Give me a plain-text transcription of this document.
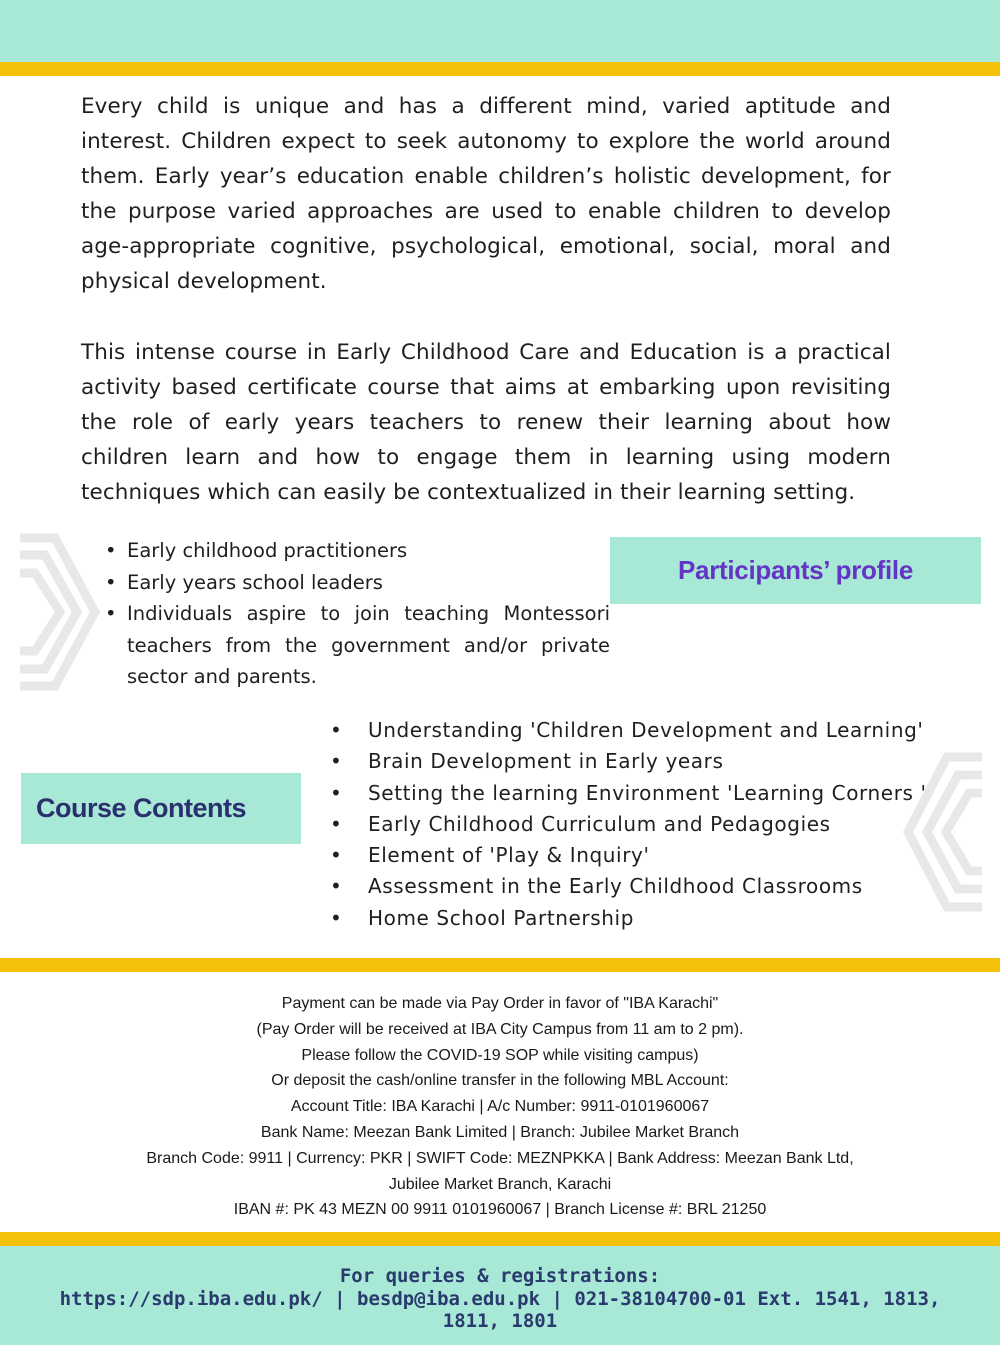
Every child is unique and has a different mind, varied aptitude and interest. Children expect to seek autonomy to explore the world around them. Early year’s education enable children’s holistic development, for the purpose varied approaches are used to enable children to develop age-appropriate cognitive, psychological, emotional, social, moral and physical development.

This intense course in Early Childhood Care and Education is a practical activity based certificate course that aims at embarking upon revisiting the role of early years teachers to renew their learning about how children learn and how to engage them in learning using modern techniques which can easily be contextualized in their learning setting.

• Early childhood practitioners
• Early years school leaders
• Individuals aspire to join teaching Montessori teachers from the government and/or private sector and parents.
Participants’ profile
Course Contents
• Understanding 'Children Development and Learning'
• Brain Development in Early years
• Setting the learning Environment 'Learning Corners '
• Early Childhood Curriculum and Pedagogies
• Element of 'Play & Inquiry'
• Assessment in the Early Childhood Classrooms
• Home School Partnership
Payment can be made via Pay Order in favor of "IBA Karachi"
(Pay Order will be received at IBA City Campus from 11 am to 2 pm).
Please follow the COVID-19 SOP while visiting campus)
Or deposit the cash/online transfer in the following MBL Account:
Account Title: IBA Karachi | A/c Number: 9911-0101960067
Bank Name: Meezan Bank Limited | Branch: Jubilee Market Branch
Branch Code: 9911 | Currency: PKR | SWIFT Code: MEZNPKKA | Bank Address: Meezan Bank Ltd,
Jubilee Market Branch, Karachi
IBAN #: PK 43 MEZN 00 9911 0101960067 | Branch License #: BRL 21250
For queries & registrations:
https://sdp.iba.edu.pk/ | besdp@iba.edu.pk | 021-38104700-01 Ext. 1541, 1813, 1811, 1801
